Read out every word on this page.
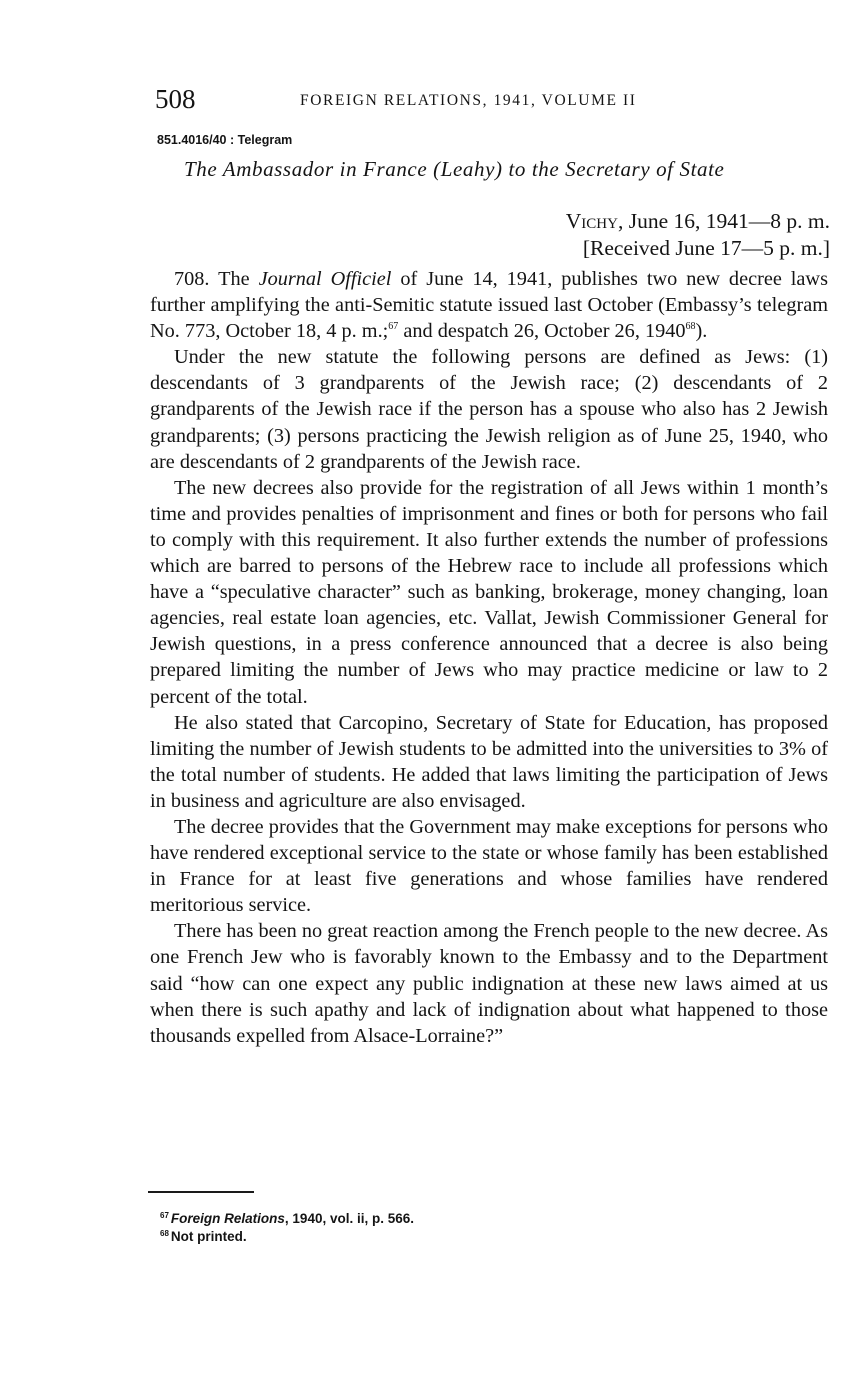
508	FOREIGN RELATIONS, 1941, VOLUME II
851.4016/40 : Telegram
The Ambassador in France (Leahy) to the Secretary of State
Vichy, June 16, 1941—8 p. m.
[Received June 17—5 p. m.]

708. The Journal Officiel of June 14, 1941, publishes two new decree laws further amplifying the anti-Semitic statute issued last October (Embassy’s telegram No. 773, October 18, 4 p. m.;$^{67}$ and despatch 26, October 26, 1940$^{68}$).

Under the new statute the following persons are defined as Jews: (1) descendants of 3 grandparents of the Jewish race; (2) descendants of 2 grandparents of the Jewish race if the person has a spouse who also has 2 Jewish grandparents; (3) persons practicing the Jewish religion as of June 25, 1940, who are descendants of 2 grandparents of the Jewish race.

The new decrees also provide for the registration of all Jews within 1 month’s time and provides penalties of imprisonment and fines or both for persons who fail to comply with this requirement. It also further extends the number of professions which are barred to persons of the Hebrew race to include all professions which have a “speculative character” such as banking, brokerage, money changing, loan agencies, real estate loan agencies, etc. Vallat, Jewish Commissioner General for Jewish questions, in a press conference announced that a decree is also being prepared limiting the number of Jews who may practice medicine or law to 2 percent of the total.

He also stated that Carcopino, Secretary of State for Education, has proposed limiting the number of Jewish students to be admitted into the universities to 3% of the total number of students. He added that laws limiting the participation of Jews in business and agriculture are also envisaged.

The decree provides that the Government may make exceptions for persons who have rendered exceptional service to the state or whose family has been established in France for at least five generations and whose families have rendered meritorious service.

There has been no great reaction among the French people to the new decree. As one French Jew who is favorably known to the Embassy and to the Department said “how can one expect any public indignation at these new laws aimed at us when there is such apathy and lack of indignation about what happened to those thousands expelled from Alsace-Lorraine?”

$^{67}$ Foreign Relations, 1940, vol. ii, p. 566.
$^{68}$ Not printed.
